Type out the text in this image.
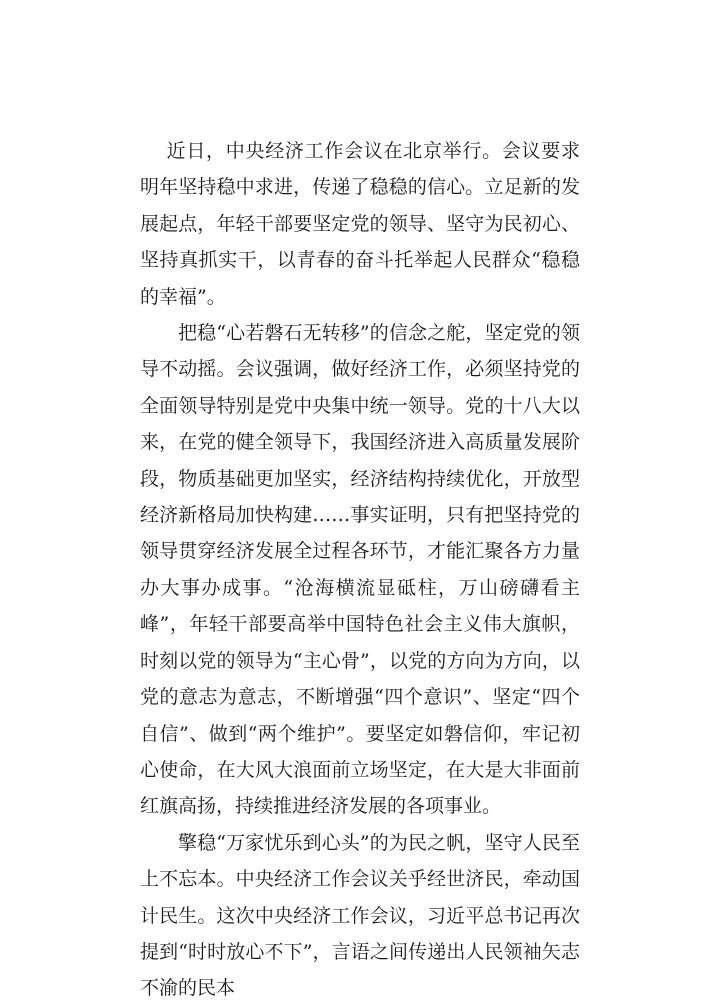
近日，中央经济工作会议在北京举行。会议要求明年坚持稳中求进，传递了稳稳的信心。立足新的发展起点，年轻干部要坚定党的领导、坚守为民初心、坚持真抓实干，以青春的奋斗托举起人民群众“稳稳的幸福”。

把稳“心若磐石无转移”的信念之舵，坚定党的领导不动摇。会议强调，做好经济工作，必须坚持党的全面领导特别是党中央集中统一领导。党的十八大以来，在党的健全领导下，我国经济进入高质量发展阶段，物质基础更加坚实，经济结构持续优化，开放型经济新格局加快构建……事实证明，只有把坚持党的领导贯穿经济发展全过程各环节，才能汇聚各方力量办大事办成事。“沧海横流显砥柱，万山磅礴看主峰”，年轻干部要高举中国特色社会主义伟大旗帜，时刻以党的领导为“主心骨”，以党的方向为方向，以党的意志为意志，不断增强“四个意识”、坚定“四个自信”、做到“两个维护”。要坚定如磐信仰，牢记初心使命，在大风大浪面前立场坚定，在大是大非面前红旗高扬，持续推进经济发展的各项事业。

擎稳“万家忧乐到心头”的为民之帆，坚守人民至上不忘本。中央经济工作会议关乎经世济民，牵动国计民生。这次中央经济工作会议，习近平总书记再次提到“时时放心不下”，言语之间传递出人民领袖矢志不渝的民本
